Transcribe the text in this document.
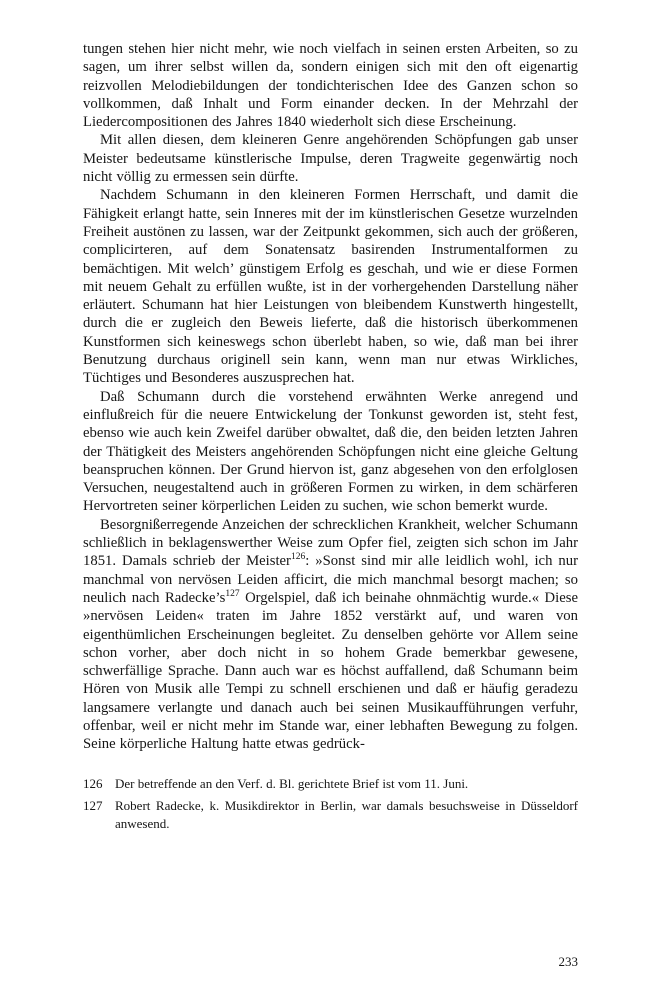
tungen stehen hier nicht mehr, wie noch vielfach in seinen ersten Arbeiten, so zu sagen, um ihrer selbst willen da, sondern einigen sich mit den oft eigenartig reizvollen Melodiebildungen der tondichterischen Idee des Ganzen schon so vollkommen, daß Inhalt und Form einander decken. In der Mehrzahl der Liedercompositionen des Jahres 1840 wiederholt sich diese Erscheinung.

Mit allen diesen, dem kleineren Genre angehörenden Schöpfungen gab unser Meister bedeutsame künstlerische Impulse, deren Tragweite gegenwärtig noch nicht völlig zu ermessen sein dürfte.

Nachdem Schumann in den kleineren Formen Herrschaft, und damit die Fähigkeit erlangt hatte, sein Inneres mit der im künstlerischen Gesetze wurzelnden Freiheit austönen zu lassen, war der Zeitpunkt gekommen, sich auch der größeren, complicirteren, auf dem Sonatensatz basirenden Instrumentalformen zu bemächtigen. Mit welch’ günstigem Erfolg es geschah, und wie er diese Formen mit neuem Gehalt zu erfüllen wußte, ist in der vorhergehenden Darstellung näher erläutert. Schumann hat hier Leistungen von bleibendem Kunstwerth hingestellt, durch die er zugleich den Beweis lieferte, daß die historisch überkommenen Kunstformen sich keineswegs schon überlebt haben, so wie, daß man bei ihrer Benutzung durchaus originell sein kann, wenn man nur etwas Wirkliches, Tüchtiges und Besonderes auszusprechen hat.

Daß Schumann durch die vorstehend erwähnten Werke anregend und einflußreich für die neuere Entwickelung der Tonkunst geworden ist, steht fest, ebenso wie auch kein Zweifel darüber obwaltet, daß die, den beiden letzten Jahren der Thätigkeit des Meisters angehörenden Schöpfungen nicht eine gleiche Geltung beanspruchen können. Der Grund hiervon ist, ganz abgesehen von den erfolglosen Versuchen, neugestaltend auch in größeren Formen zu wirken, in dem schärferen Hervortreten seiner körperlichen Leiden zu suchen, wie schon bemerkt wurde.

Besorgnißerregende Anzeichen der schrecklichen Krankheit, welcher Schumann schließlich in beklagenswerther Weise zum Opfer fiel, zeigten sich schon im Jahr 1851. Damals schrieb der Meister$^{126}$: »Sonst sind mir alle leidlich wohl, ich nur manchmal von nervösen Leiden afficirt, die mich manchmal besorgt machen; so neulich nach Radecke’s$^{127}$ Orgelspiel, daß ich beinahe ohnmächtig wurde.« Diese »nervösen Leiden« traten im Jahre 1852 verstärkt auf, und waren von eigenthümlichen Erscheinungen begleitet. Zu denselben gehörte vor Allem seine schon vorher, aber doch nicht in so hohem Grade bemerkbar gewesene, schwerfällige Sprache. Dann auch war es höchst auffallend, daß Schumann beim Hören von Musik alle Tempi zu schnell erschienen und daß er häufig geradezu langsamere verlangte und danach auch bei seinen Musikaufführungen verfuhr, offenbar, weil er nicht mehr im Stande war, einer lebhaften Bewegung zu folgen. Seine körperliche Haltung hatte etwas gedrück-

126 Der betreffende an den Verf. d. Bl. gerichtete Brief ist vom 11. Juni.
127 Robert Radecke, k. Musikdirektor in Berlin, war damals besuchsweise in Düsseldorf anwesend.
233
